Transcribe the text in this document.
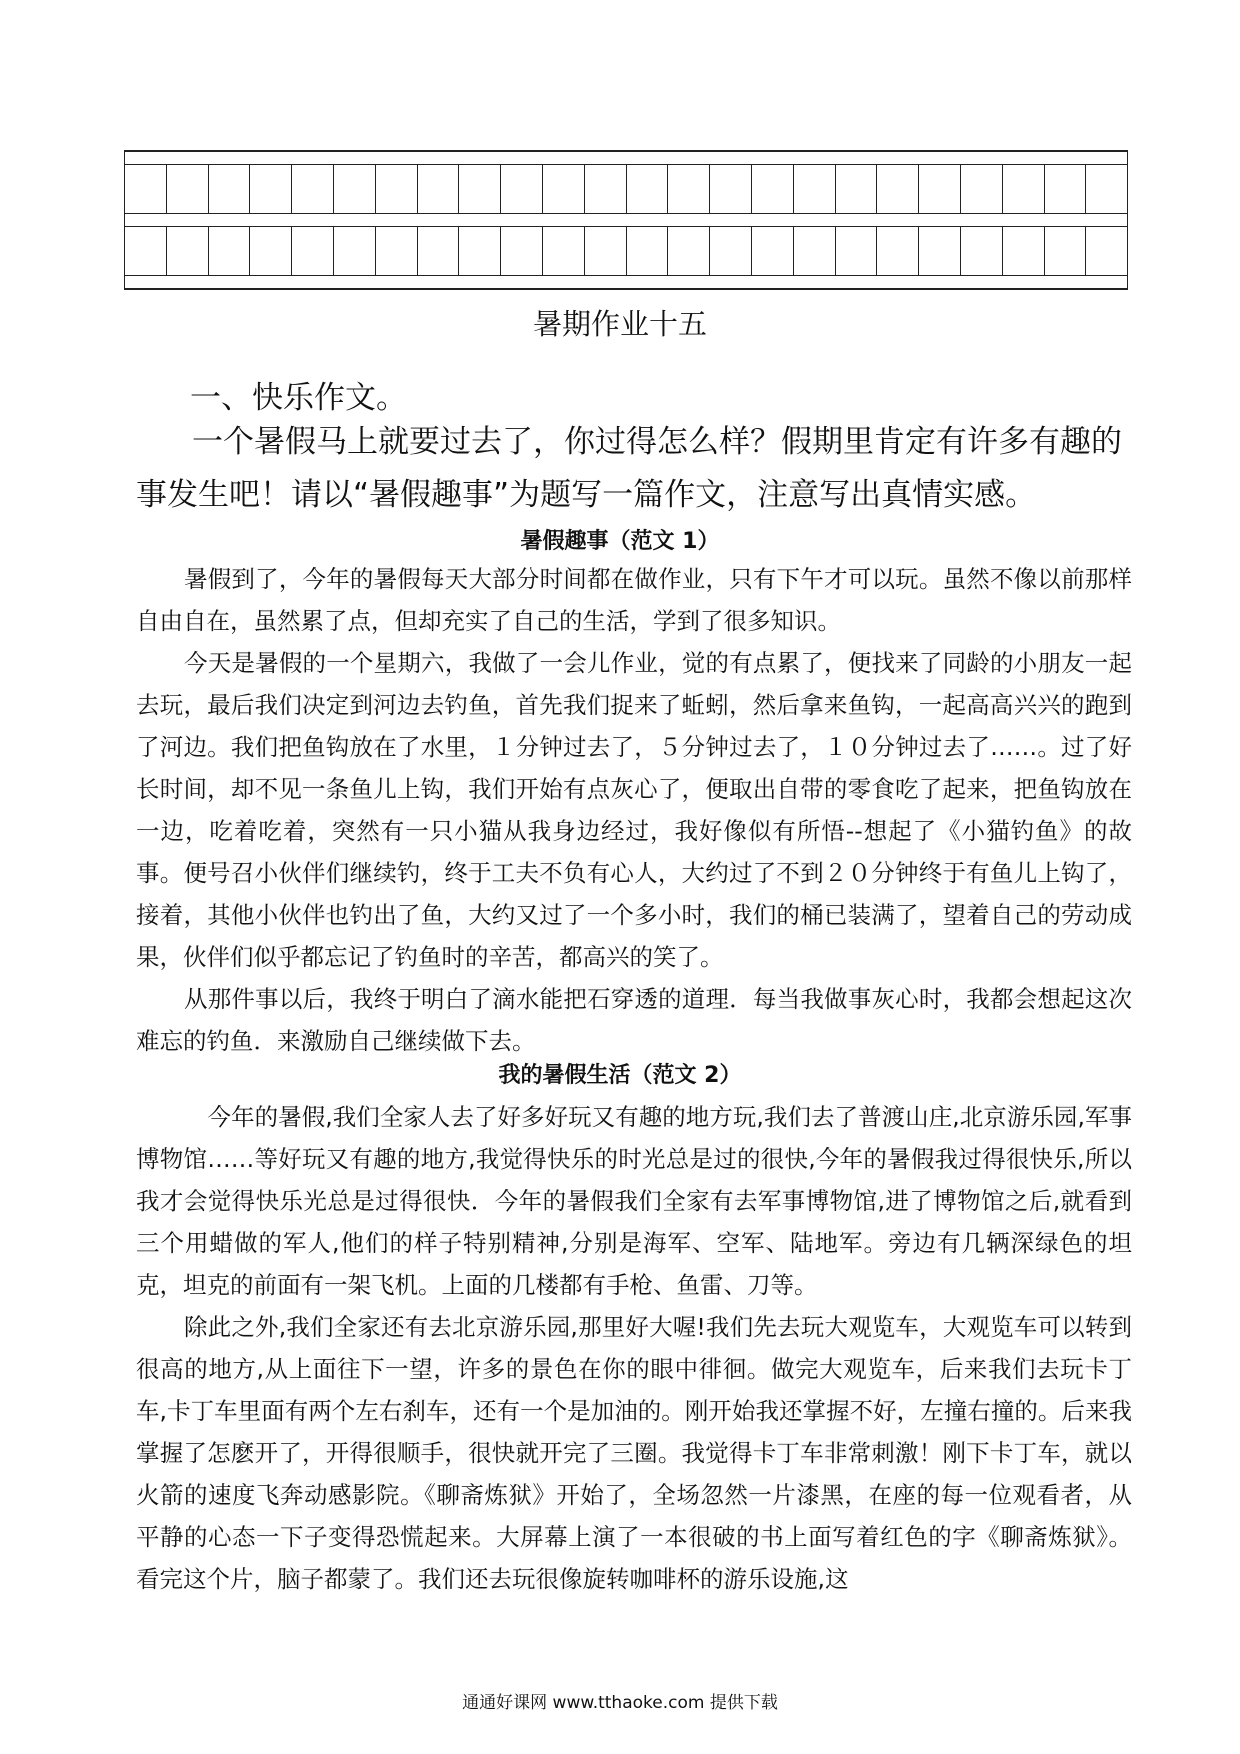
暑期作业十五
一、快乐作文。
一个暑假马上就要过去了，你过得怎么样？假期里肯定有许多有趣的事发生吧！请以“暑假趣事”为题写一篇作文，注意写出真情实感。
暑假趣事（范文 1）

暑假到了，今年的暑假每天大部分时间都在做作业，只有下午才可以玩。虽然不像以前那样自由自在，虽然累了点，但却充实了自己的生活，学到了很多知识。

今天是暑假的一个星期六，我做了一会儿作业，觉的有点累了，便找来了同龄的小朋友一起去玩，最后我们决定到河边去钓鱼，首先我们捉来了蚯蚓，然后拿来鱼钩，一起高高兴兴的跑到了河边。我们把鱼钩放在了水里，１分钟过去了，５分钟过去了，１０分钟过去了……。过了好长时间，却不见一条鱼儿上钩，我们开始有点灰心了，便取出自带的零食吃了起来，把鱼钩放在一边，吃着吃着，突然有一只小猫从我身边经过，我好像似有所悟--想起了《小猫钓鱼》的故事。便号召小伙伴们继续钓，终于工夫不负有心人，大约过了不到２０分钟终于有鱼儿上钩了，接着，其他小伙伴也钓出了鱼，大约又过了一个多小时，我们的桶已装满了，望着自己的劳动成果，伙伴们似乎都忘记了钓鱼时的辛苦，都高兴的笑了。

从那件事以后，我终于明白了滴水能把石穿透的道理．每当我做事灰心时，我都会想起这次难忘的钓鱼．来激励自己继续做下去。

我的暑假生活（范文 2）

　今年的暑假,我们全家人去了好多好玩又有趣的地方玩,我们去了普渡山庄,北京游乐园,军事博物馆……等好玩又有趣的地方,我觉得快乐的时光总是过的很快,今年的暑假我过得很快乐,所以我才会觉得快乐光总是过得很快．今年的暑假我们全家有去军事博物馆,进了博物馆之后,就看到三个用蜡做的军人,他们的样子特别精神,分别是海军、空军、陆地军。旁边有几辆深绿色的坦克，坦克的前面有一架飞机。上面的几楼都有手枪、鱼雷、刀等。

除此之外,我们全家还有去北京游乐园,那里好大喔!我们先去玩大观览车，大观览车可以转到很高的地方,从上面往下一望，许多的景色在你的眼中徘徊。做完大观览车，后来我们去玩卡丁车,卡丁车里面有两个左右刹车，还有一个是加油的。刚开始我还掌握不好，左撞右撞的。后来我掌握了怎麽开了，开得很顺手，很快就开完了三圈。我觉得卡丁车非常刺激！刚下卡丁车，就以火箭的速度飞奔动感影院。《聊斋炼狱》开始了，全场忽然一片漆黑，在座的每一位观看者，从平静的心态一下子变得恐慌起来。大屏幕上演了一本很破的书上面写着红色的字《聊斋炼狱》。看完这个片，脑子都蒙了。我们还去玩很像旋转咖啡杯的游乐设施,这

通通好课网 www.tthaoke.com 提供下载
